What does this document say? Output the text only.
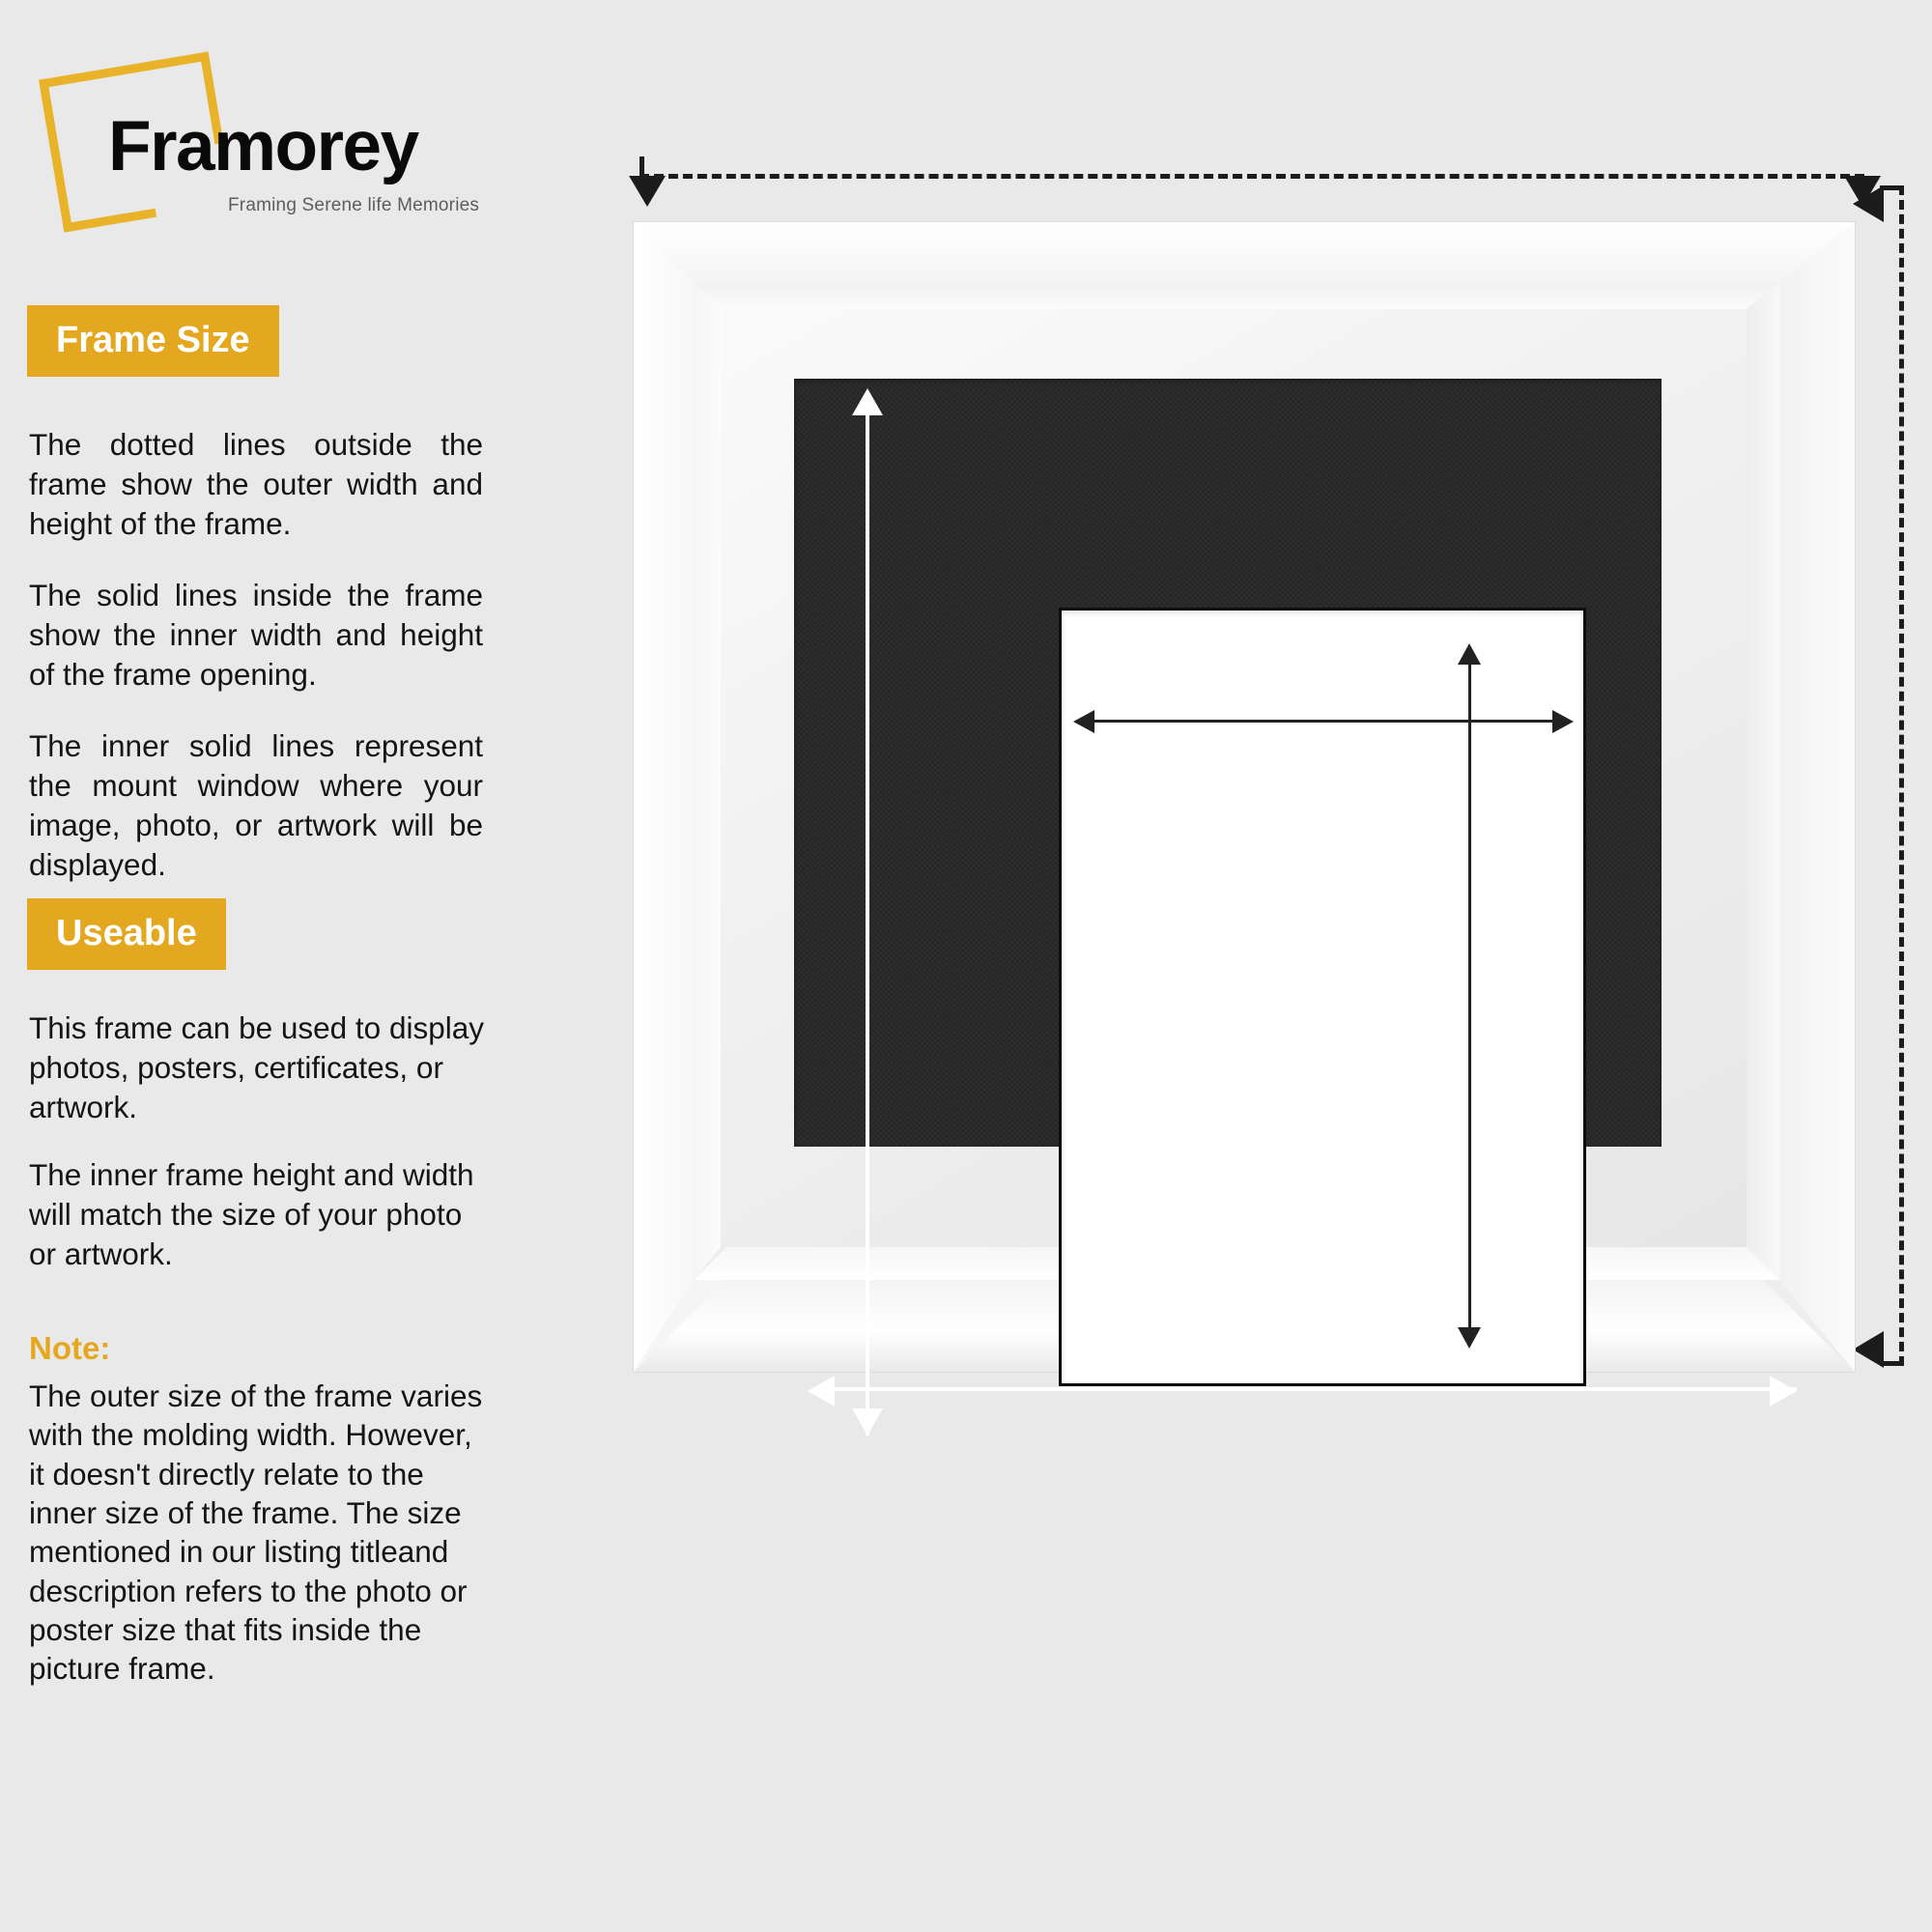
Framorey
Framing Serene life Memories
Frame Size
The dotted lines outside the frame show the outer width and height of the frame.
The solid lines inside the frame show the inner width and height of the frame opening.
The inner solid lines represent the mount window where your image, photo, or artwork will be displayed.
Useable
This frame can be used to display photos, posters, certificates, or artwork.
The inner frame height and width will match the size of your photo or artwork.
Note:
The outer size of the frame varies with the molding width. However, it doesn't directly relate to the inner size of the frame. The size mentioned in our listing titleand description refers to the photo or poster size that fits inside the picture frame.
